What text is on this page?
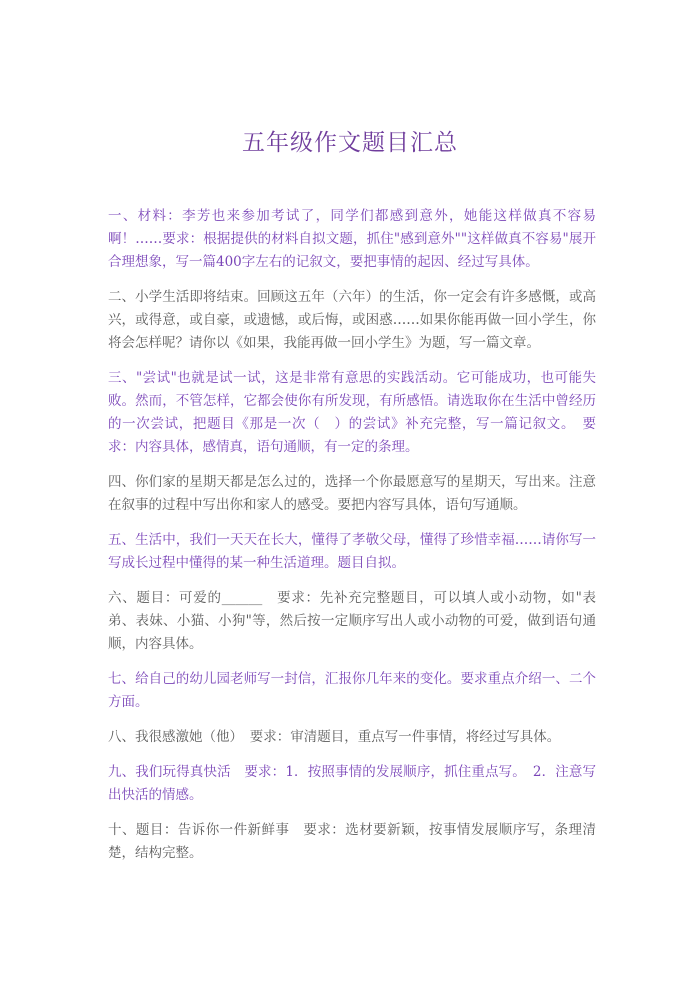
五年级作文题目汇总

一、材料：李芳也来参加考试了，同学们都感到意外，她能这样做真不容易啊！……要求：根据提供的材料自拟文题，抓住"感到意外""这样做真不容易"展开合理想象，写一篇400字左右的记叙文，要把事情的起因、经过写具体。

二、小学生活即将结束。回顾这五年（六年）的生活，你一定会有许多感慨，或高兴，或得意，或自豪，或遗憾，或后悔，或困惑……如果你能再做一回小学生，你将会怎样呢？请你以《如果，我能再做一回小学生》为题，写一篇文章。

三、"尝试"也就是试一试，这是非常有意思的实践活动。它可能成功，也可能失败。然而，不管怎样，它都会使你有所发现，有所感悟。请选取你在生活中曾经历的一次尝试，把题目《那是一次（　）的尝试》补充完整，写一篇记叙文。　要求：内容具体，感情真，语句通顺，有一定的条理。

四、你们家的星期天都是怎么过的，选择一个你最愿意写的星期天，写出来。注意在叙事的过程中写出你和家人的感受。要把内容写具体，语句写通顺。

五、生活中，我们一天天在长大，懂得了孝敬父母，懂得了珍惜幸福……请你写一写成长过程中懂得的某一种生活道理。题目自拟。

六、题目：可爱的______　要求：先补充完整题目，可以填人或小动物，如"表弟、表妹、小猫、小狗"等，然后按一定顺序写出人或小动物的可爱，做到语句通顺，内容具体。

七、给自己的幼儿园老师写一封信，汇报你几年来的变化。要求重点介绍一、二个方面。

八、我很感激她（他）　要求：审清题目，重点写一件事情，将经过写具体。

九、我们玩得真快活　要求：1．按照事情的发展顺序，抓住重点写。　2．注意写出快活的情感。

十、题目：告诉你一件新鲜事　要求：选材要新颖，按事情发展顺序写，条理清楚，结构完整。
